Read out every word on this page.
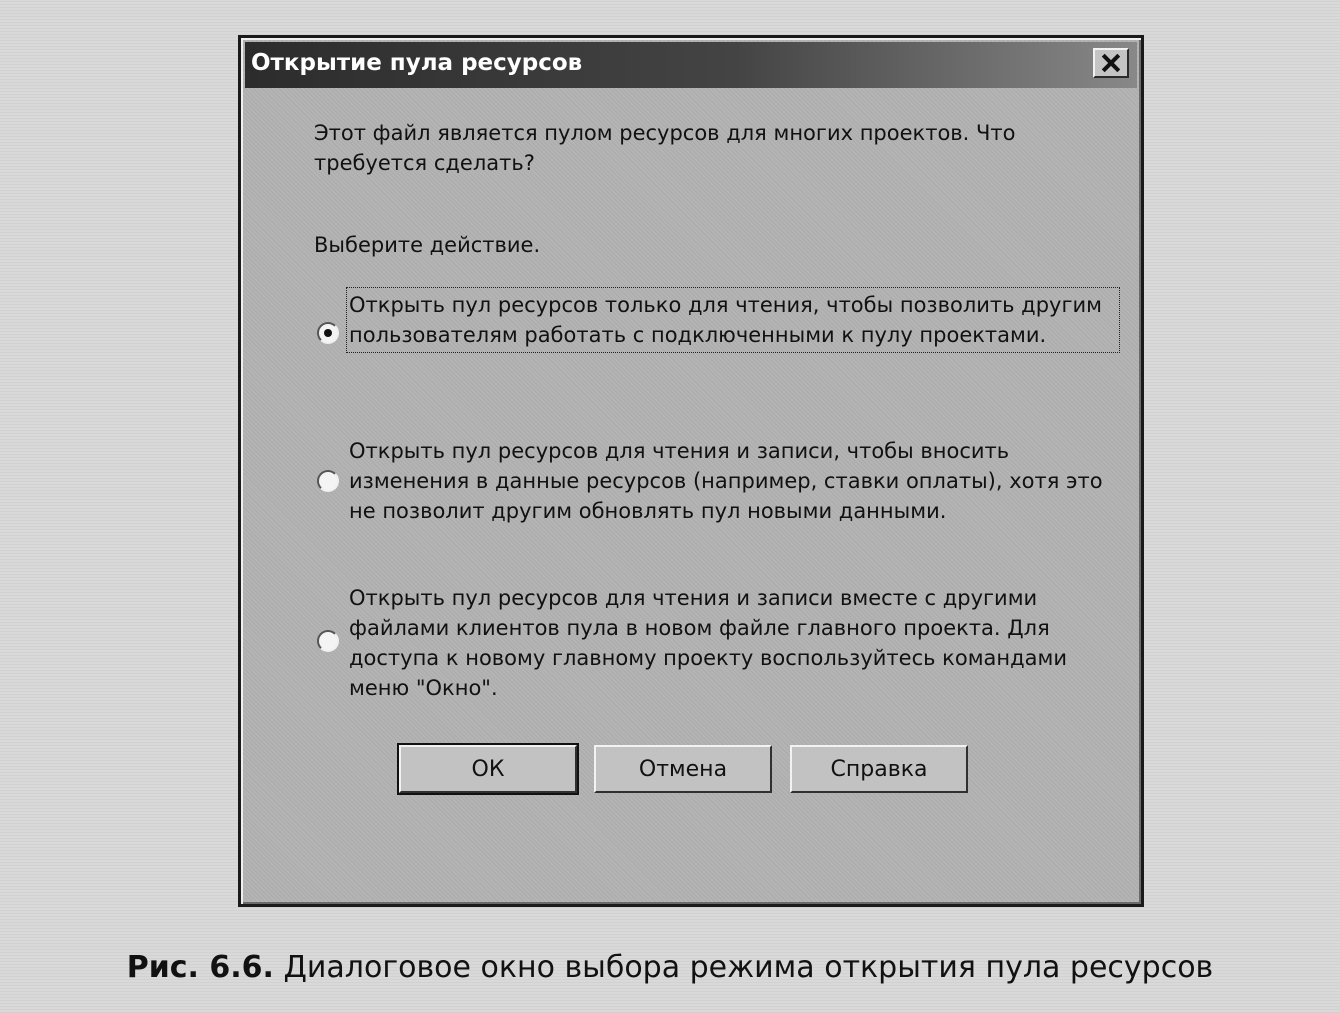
Открытие пула ресурсов
Этот файл является пулом ресурсов для многих проектов. Что требуется сделать?
Выберите действие.
Открыть пул ресурсов только для чтения, чтобы позволить другим пользователям работать с подключенными к пулу проектами.
Открыть пул ресурсов для чтения и записи, чтобы вносить изменения в данные ресурсов (например, ставки оплаты), хотя это не позволит другим обновлять пул новыми данными.
Открыть пул ресурсов для чтения и записи вместе с другими файлами клиентов пула в новом файле главного проекта. Для доступа к новому главному проекту воспользуйтесь командами меню "Окно".
ОК	Отмена	Справка
Рис. 6.6. Диалоговое окно выбора режима открытия пула ресурсов
